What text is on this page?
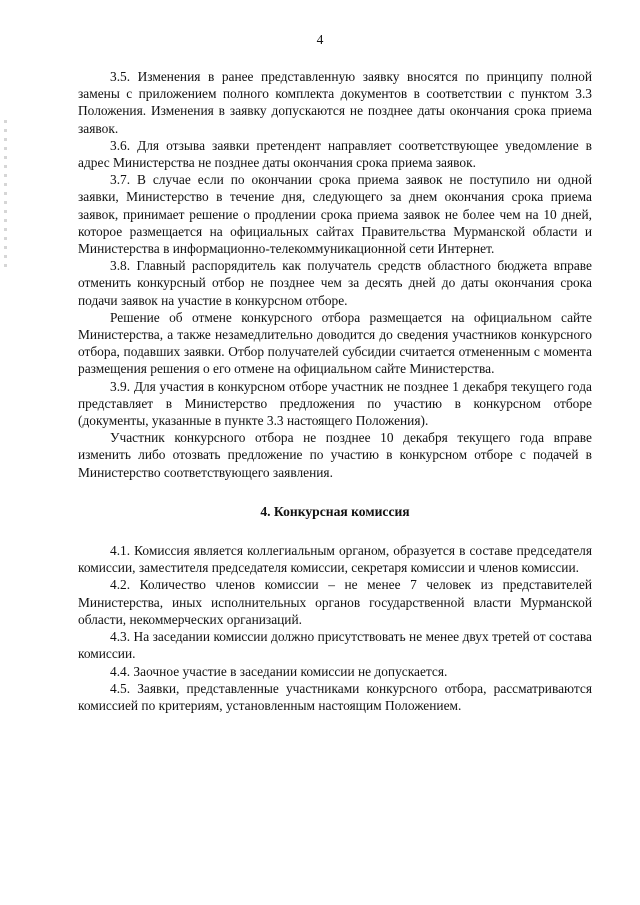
4

3.5. Изменения в ранее представленную заявку вносятся по принципу полной замены с приложением полного комплекта документов в соответствии с пунктом 3.3 Положения. Изменения в заявку допускаются не позднее даты окончания срока приема заявок.

3.6. Для отзыва заявки претендент направляет соответствующее уведомление в адрес Министерства не позднее даты окончания срока приема заявок.

3.7. В случае если по окончании срока приема заявок не поступило ни одной заявки, Министерство в течение дня, следующего за днем окончания срока приема заявок, принимает решение о продлении срока приема заявок не более чем на 10 дней, которое размещается на официальных сайтах Правительства Мурманской области и Министерства в информационно-телекоммуникационной сети Интернет.

3.8. Главный распорядитель как получатель средств областного бюджета вправе отменить конкурсный отбор не позднее чем за десять дней до даты окончания срока подачи заявок на участие в конкурсном отборе.

Решение об отмене конкурсного отбора размещается на официальном сайте Министерства, а также незамедлительно доводится до сведения участников конкурсного отбора, подавших заявки. Отбор получателей субсидии считается отмененным с момента размещения решения о его отмене на официальном сайте Министерства.

3.9. Для участия в конкурсном отборе участник не позднее 1 декабря текущего года представляет в Министерство предложения по участию в конкурсном отборе (документы, указанные в пункте 3.3 настоящего Положения).

Участник конкурсного отбора не позднее 10 декабря текущего года вправе изменить либо отозвать предложение по участию в конкурсном отборе с подачей в Министерство соответствующего заявления.

4. Конкурсная комиссия

4.1. Комиссия является коллегиальным органом, образуется в составе председателя комиссии, заместителя председателя комиссии, секретаря комиссии и членов комиссии.

4.2. Количество членов комиссии – не менее 7 человек из представителей Министерства, иных исполнительных органов государственной власти Мурманской области, некоммерческих организаций.

4.3. На заседании комиссии должно присутствовать не менее двух третей от состава комиссии.

4.4. Заочное участие в заседании комиссии не допускается.

4.5. Заявки, представленные участниками конкурсного отбора, рассматриваются комиссией по критериям, установленным настоящим Положением.
